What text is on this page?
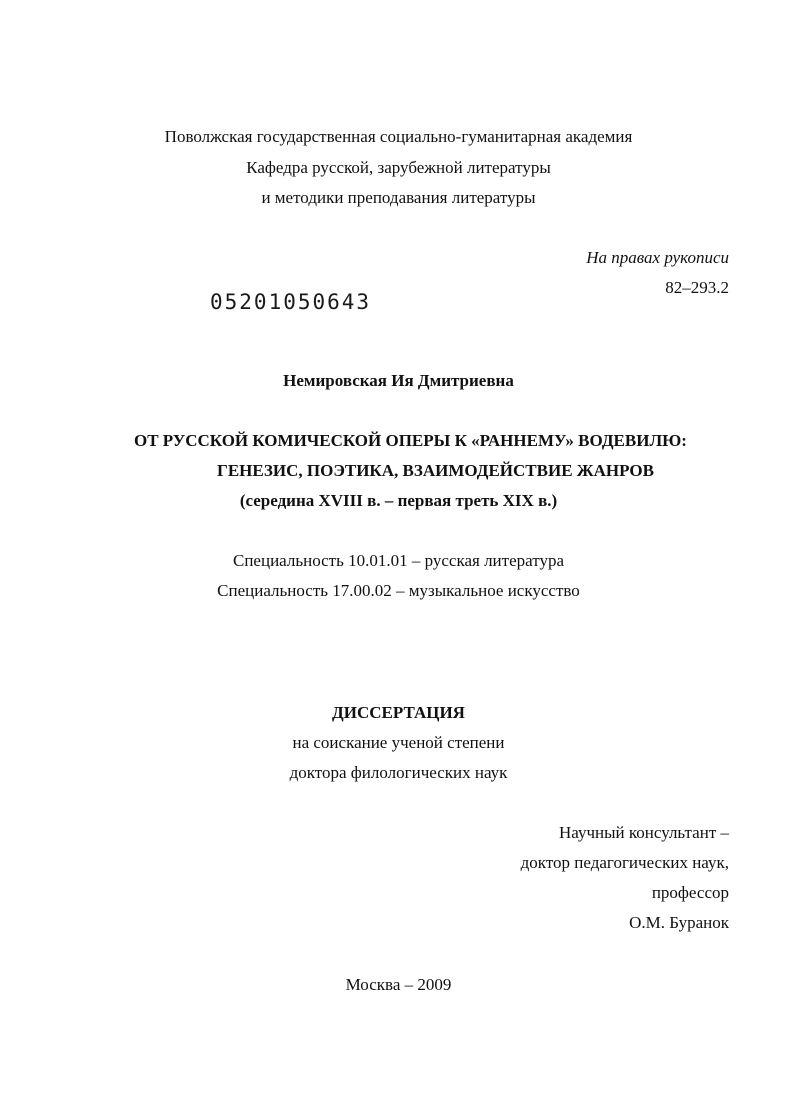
Поволжская государственная социально-гуманитарная академия
Кафедра русской, зарубежной литературы
и методики преподавания литературы
На правах рукописи
82–293.2
05201050643
Немировская Ия Дмитриевна
ОТ РУССКОЙ КОМИЧЕСКОЙ ОПЕРЫ К «РАННЕМУ» ВОДЕВИЛЮ:
ГЕНЕЗИС, ПОЭТИКА, ВЗАИМОДЕЙСТВИЕ ЖАНРОВ
(середина XVIII в. – первая треть XIX в.)
Специальность 10.01.01 – русская литература
Специальность 17.00.02 – музыкальное искусство
ДИССЕРТАЦИЯ
на соискание ученой степени
доктора филологических наук
Научный консультант –
доктор педагогических наук,
профессор
О.М. Буранок
Москва – 2009
